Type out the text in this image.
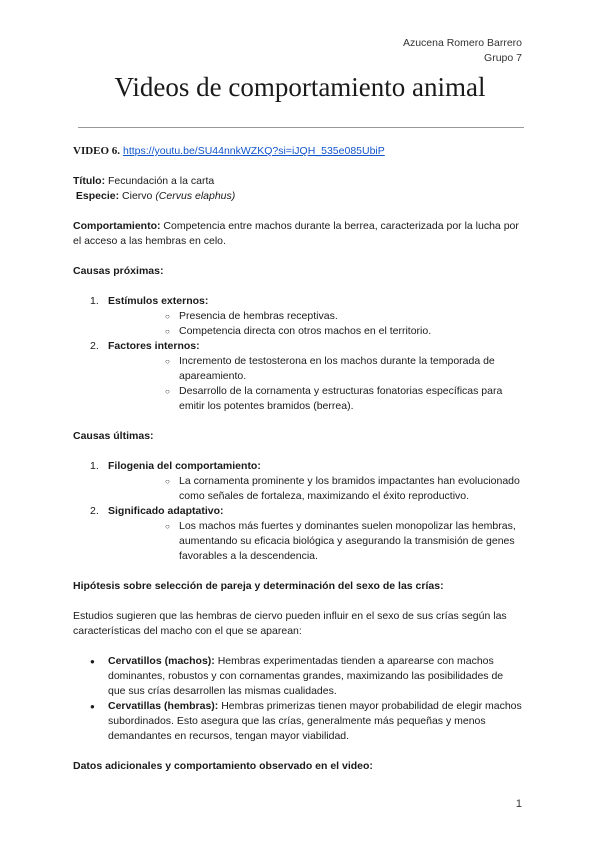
Azucena Romero Barrero
Grupo 7
Videos de comportamiento animal

VIDEO 6. https://youtu.be/SU44nnkWZKQ?si=iJQH_535e085UbiP

Título: Fecundación a la carta

Especie: Ciervo (Cervus elaphus)

Comportamiento: Competencia entre machos durante la berrea, caracterizada por la lucha por el acceso a las hembras en celo.

Causas próximas:

1. Estímulos externos:
○ Presencia de hembras receptivas.
○ Competencia directa con otros machos en el territorio.
2. Factores internos:
○ Incremento de testosterona en los machos durante la temporada de apareamiento.
○ Desarrollo de la cornamenta y estructuras fonatorias específicas para emitir los potentes bramidos (berrea).

Causas últimas:

1. Filogenia del comportamiento:
○ La cornamenta prominente y los bramidos impactantes han evolucionado como señales de fortaleza, maximizando el éxito reproductivo.
2. Significado adaptativo:
○ Los machos más fuertes y dominantes suelen monopolizar las hembras, aumentando su eficacia biológica y asegurando la transmisión de genes favorables a la descendencia.

Hipótesis sobre selección de pareja y determinación del sexo de las crías:

Estudios sugieren que las hembras de ciervo pueden influir en el sexo de sus crías según las características del macho con el que se aparean:

● Cervatillos (machos): Hembras experimentadas tienden a aparearse con machos dominantes, robustos y con cornamentas grandes, maximizando las posibilidades de que sus crías desarrollen las mismas cualidades.
● Cervatillas (hembras): Hembras primerizas tienen mayor probabilidad de elegir machos subordinados. Esto asegura que las crías, generalmente más pequeñas y menos demandantes en recursos, tengan mayor viabilidad.

Datos adicionales y comportamiento observado en el video:

1
